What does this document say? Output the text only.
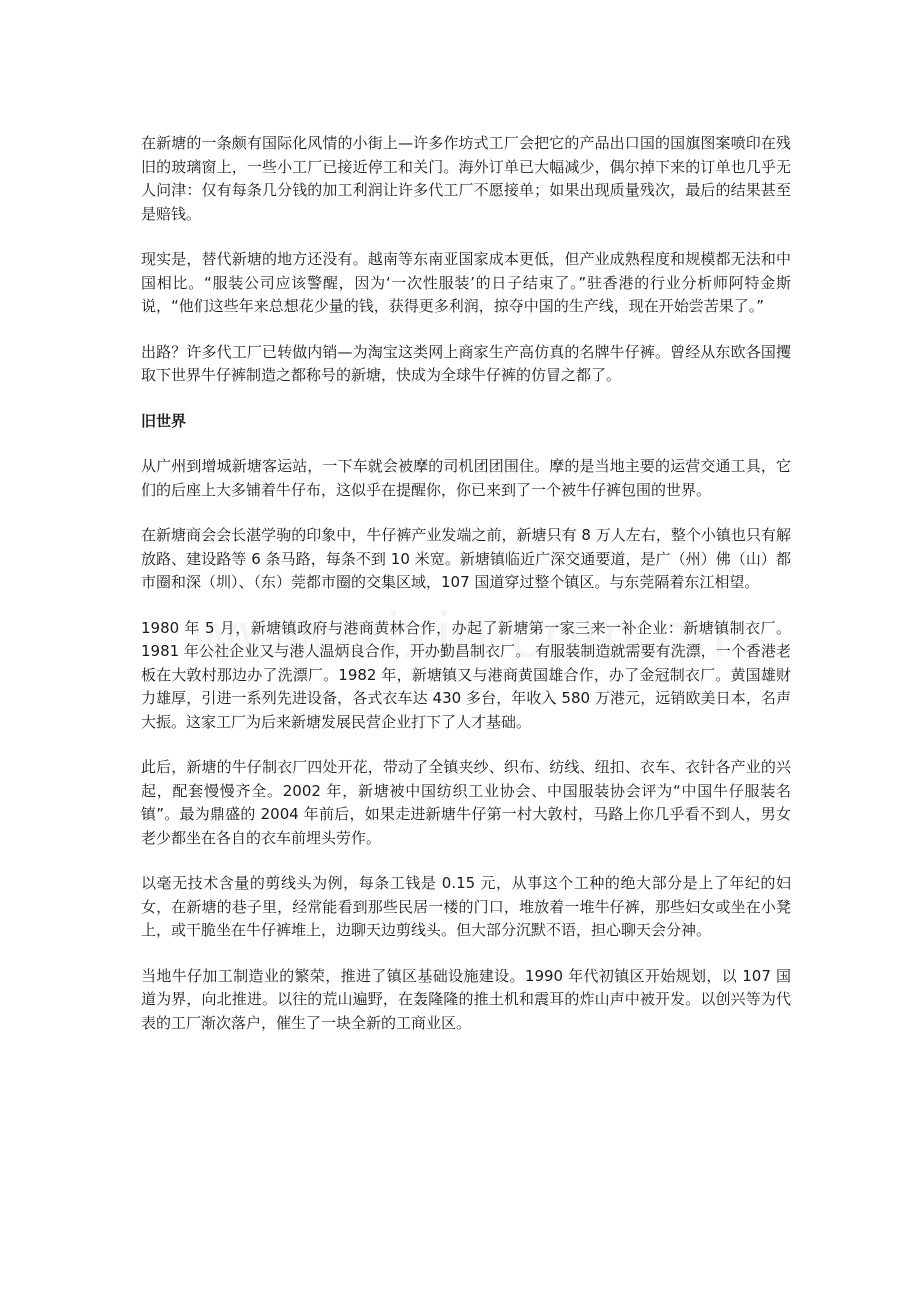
在新塘的一条颇有国际化风情的小街上—许多作坊式工厂会把它的产品出口国的国旗图案喷印在残旧的玻璃窗上，一些小工厂已接近停工和关门。海外订单已大幅减少，偶尔掉下来的订单也几乎无人问津：仅有每条几分钱的加工利润让许多代工厂不愿接单；如果出现质量残次，最后的结果甚至是赔钱。

现实是，替代新塘的地方还没有。越南等东南亚国家成本更低，但产业成熟程度和规模都无法和中国相比。“服装公司应该警醒，因为‘一次性服装’的日子结束了。”驻香港的行业分析师阿特金斯说，“他们这些年来总想花少量的钱，获得更多利润，掠夺中国的生产线，现在开始尝苦果了。”

出路？许多代工厂已转做内销—为淘宝这类网上商家生产高仿真的名牌牛仔裤。曾经从东欧各国攫取下世界牛仔裤制造之都称号的新塘，快成为全球牛仔裤的仿冒之都了。

旧世界

从广州到增城新塘客运站，一下车就会被摩的司机团团围住。摩的是当地主要的运营交通工具，它们的后座上大多铺着牛仔布，这似乎在提醒你，你已来到了一个被牛仔裤包围的世界。

在新塘商会会长湛学驹的印象中，牛仔裤产业发端之前，新塘只有 8 万人左右，整个小镇也只有解放路、建设路等 6 条马路，每条不到 10 米宽。新塘镇临近广深交通要道，是广（州）佛（山）都市圈和深（圳）、（东）莞都市圈的交集区域，107 国道穿过整个镇区。与东莞隔着东江相望。

1980 年 5 月，新塘镇政府与港商黄林合作，办起了新塘第一家三来一补企业：新塘镇制衣厂。1981 年公社企业又与港人温炳良合作，开办勤昌制衣厂。 有服装制造就需要有洗漂，一个香港老板在大敦村那边办了洗漂厂。1982 年，新塘镇又与港商黄国雄合作，办了金冠制衣厂。黄国雄财力雄厚，引进一系列先进设备，各式衣车达 430 多台，年收入 580 万港元，远销欧美日本，名声大振。这家工厂为后来新塘发展民营企业打下了人才基础。

此后，新塘的牛仔制衣厂四处开花，带动了全镇夹纱、织布、纺线、纽扣、衣车、衣针各产业的兴起，配套慢慢齐全。2002 年，新塘被中国纺织工业协会、中国服装协会评为“中国牛仔服装名镇”。最为鼎盛的 2004 年前后，如果走进新塘牛仔第一村大敦村，马路上你几乎看不到人，男女老少都坐在各自的衣车前埋头劳作。

以毫无技术含量的剪线头为例，每条工钱是 0.15 元，从事这个工种的绝大部分是上了年纪的妇女，在新塘的巷子里，经常能看到那些民居一楼的门口，堆放着一堆牛仔裤，那些妇女或坐在小凳上，或干脆坐在牛仔裤堆上，边聊天边剪线头。但大部分沉默不语，担心聊天会分神。

当地牛仔加工制造业的繁荣，推进了镇区基础设施建设。1990 年代初镇区开始规划，以 107 国道为界，向北推进。以往的荒山遍野，在轰隆隆的推土机和震耳的炸山声中被开发。以创兴等为代表的工厂渐次落户，催生了一块全新的工商业区。
